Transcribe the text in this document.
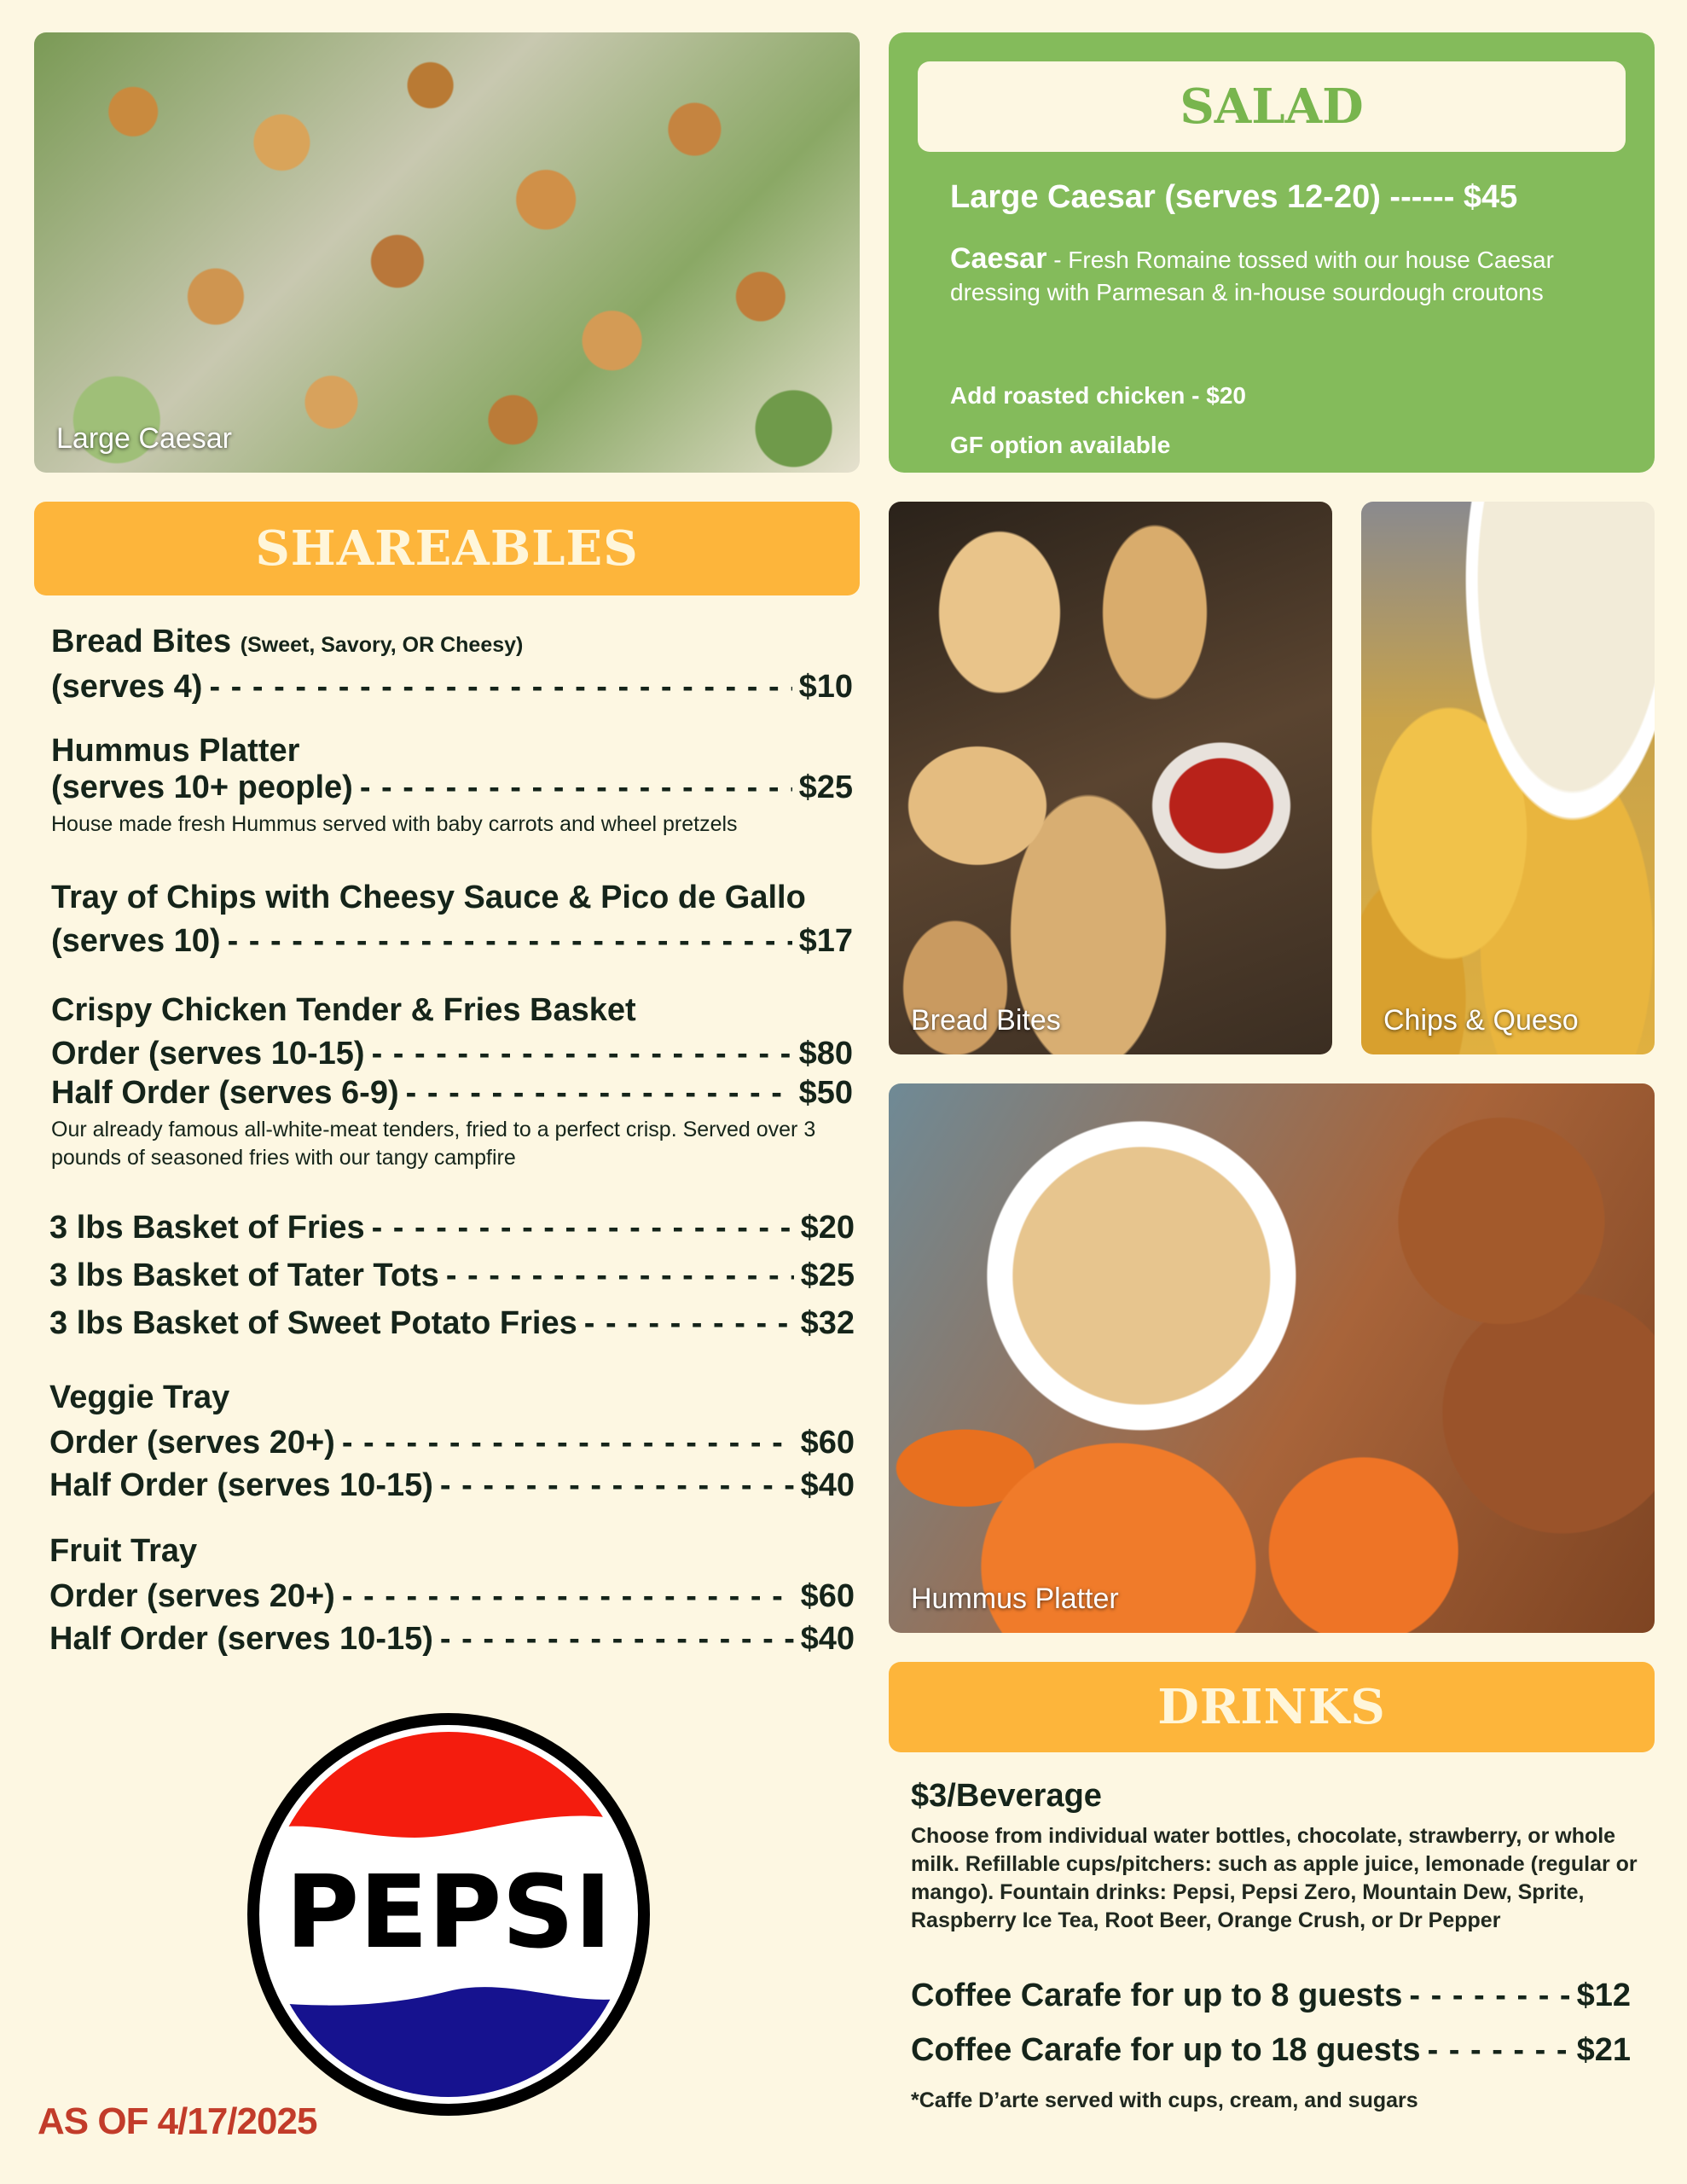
Large Caesar
SALAD
Large Caesar (serves 12-20) ------ $45
Caesar - Fresh Romaine tossed with our house Caesar dressing with Parmesan & in-house sourdough croutons
Add roasted chicken - $20
GF option available
SHAREABLES
Bread Bites (Sweet, Savory, OR Cheesy)
(serves 4) - - -	$10
Hummus Platter
(serves 10+ people) - - -	$25
House made fresh Hummus served with baby carrots and wheel pretzels
Tray of Chips with Cheesy Sauce & Pico de Gallo
(serves 10) - - -	$17
Crispy Chicken Tender & Fries Basket
Order (serves 10-15) - - -	$80
Half Order (serves 6-9) - - -	$50
Our already famous all-white-meat tenders, fried to a perfect crisp. Served over 3 pounds of seasoned fries with our tangy campfire
3 lbs Basket of Fries - - -	$20
3 lbs Basket of Tater Tots - - -	$25
3 lbs Basket of Sweet Potato Fries - - -	$32
Veggie Tray
Order (serves 20+) - - -	$60
Half Order (serves 10-15) - - -	$40
Fruit Tray
Order (serves 20+) - - -	$60
Half Order (serves 10-15) - - -	$40
Bread Bites	Chips & Queso
Hummus Platter
DRINKS
$3/Beverage
Choose from individual water bottles, chocolate, strawberry, or whole milk. Refillable cups/pitchers: such as apple juice, lemonade (regular or mango). Fountain drinks: Pepsi, Pepsi Zero, Mountain Dew, Sprite, Raspberry Ice Tea, Root Beer, Orange Crush, or Dr Pepper
Coffee Carafe for up to 8 guests - - -	$12
Coffee Carafe for up to 18 guests - - -	$21
*Caffe D’arte served with cups, cream, and sugars
PEPSI
AS OF 4/17/2025
